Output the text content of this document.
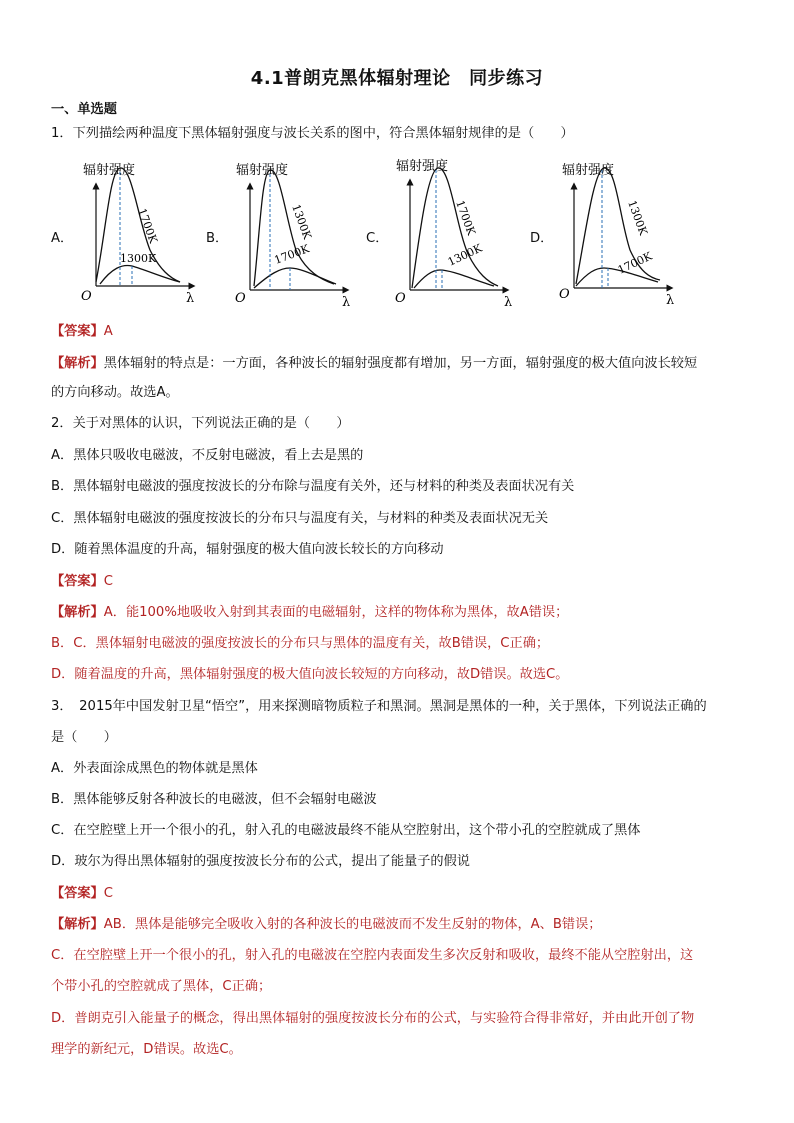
4.1普朗克黑体辐射理论　同步练习
一、单选题
1．下列描绘两种温度下黑体辐射强度与波长关系的图中，符合黑体辐射规律的是（　　）
A．	B．	C．	D．
辐射强度
1700K
1300K
O	λ
辐射强度
1300K
1700K
O	λ
辐射强度
1700K
1300K
O	λ
辐射强度
1300K
1700K
O	λ
【答案】A
【解析】黑体辐射的特点是：一方面，各种波长的辐射强度都有增加，另一方面，辐射强度的极大值向波长较短
的方向移动。故选A。
2．关于对黑体的认识，下列说法正确的是（　　）
A．黑体只吸收电磁波，不反射电磁波，看上去是黑的
B．黑体辐射电磁波的强度按波长的分布除与温度有关外，还与材料的种类及表面状况有关
C．黑体辐射电磁波的强度按波长的分布只与温度有关，与材料的种类及表面状况无关
D．随着黑体温度的升高，辐射强度的极大值向波长较长的方向移动
【答案】C
【解析】A．能100%地吸收入射到其表面的电磁辐射，这样的物体称为黑体，故A错误；
B．C．黑体辐射电磁波的强度按波长的分布只与黑体的温度有关，故B错误，C正确；
D．随着温度的升高，黑体辐射强度的极大值向波长较短的方向移动，故D错误。故选C。
3．　2015年中国发射卫星“悟空”，用来探测暗物质粒子和黑洞。黑洞是黑体的一种，关于黑体，下列说法正确的
是（　　）
A．外表面涂成黑色的物体就是黑体
B．黑体能够反射各种波长的电磁波，但不会辐射电磁波
C．在空腔壁上开一个很小的孔，射入孔的电磁波最终不能从空腔射出，这个带小孔的空腔就成了黑体
D．玻尔为得出黑体辐射的强度按波长分布的公式，提出了能量子的假说
【答案】C
【解析】AB．黑体是能够完全吸收入射的各种波长的电磁波而不发生反射的物体，A、B错误；
C．在空腔壁上开一个很小的孔，射入孔的电磁波在空腔内表面发生多次反射和吸收，最终不能从空腔射出，这
个带小孔的空腔就成了黑体，C正确；
D．普朗克引入能量子的概念，得出黑体辐射的强度按波长分布的公式，与实验符合得非常好，并由此开创了物
理学的新纪元，D错误。故选C。
